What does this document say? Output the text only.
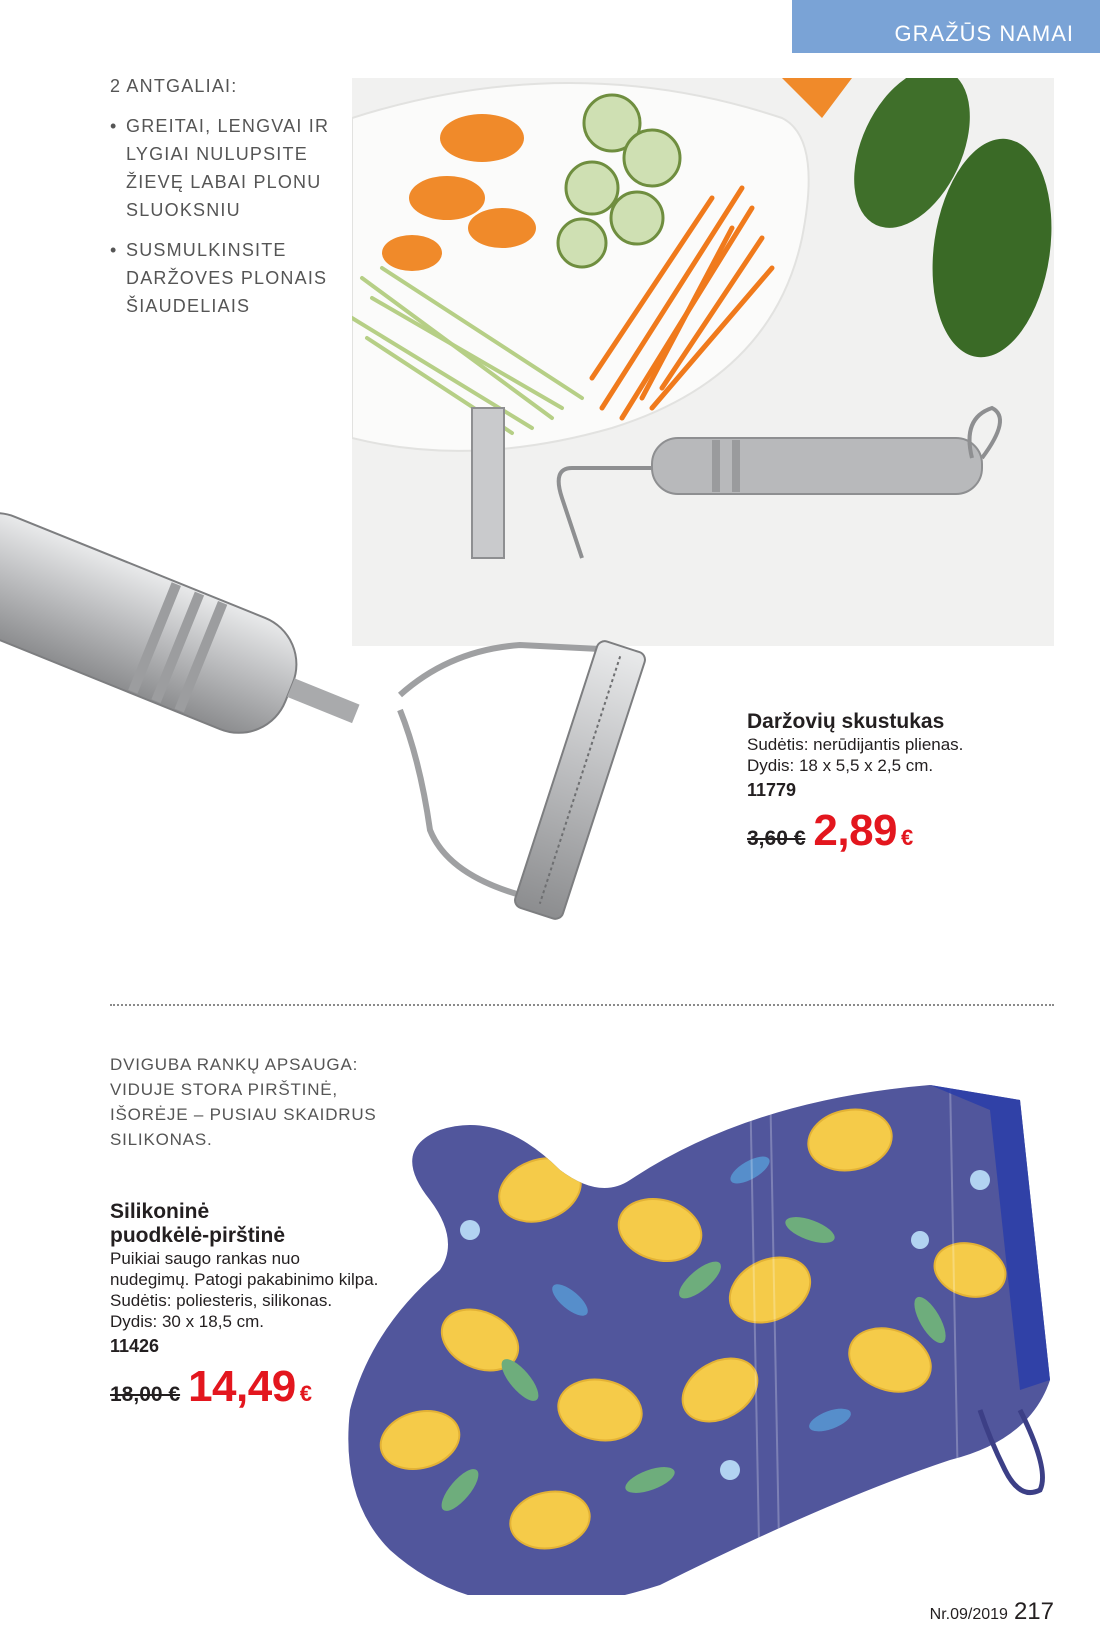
GRAŽŪS NAMAI
2 ANTGALIAI:
• GREITAI, LENGVAI IR LYGIAI NULUPSITE ŽIEVĘ LABAI PLONU SLUOKSNIU
• SUSMULKINSITE DARŽOVES PLONAIS ŠIAUDELIAIS
Daržovių skustukas
Sudėtis: nerūdijantis plienas.
Dydis: 18 x 5,5 x 2,5 cm.
11779
3,60 € 2,89 €
DVIGUBA RANKŲ APSAUGA: VIDUJE STORA PIRŠTINĖ, IŠORĖJE – PUSIAU SKAIDRUS SILIKONAS.
Silikoninė
puodkėlė-pirštinė
Puikiai saugo rankas nuo nudegimų. Patogi pakabinimo kilpa.
Sudėtis: poliesteris, silikonas.
Dydis: 30 x 18,5 cm.
11426
18,00 € 14,49 €
Nr.09/2019 217
